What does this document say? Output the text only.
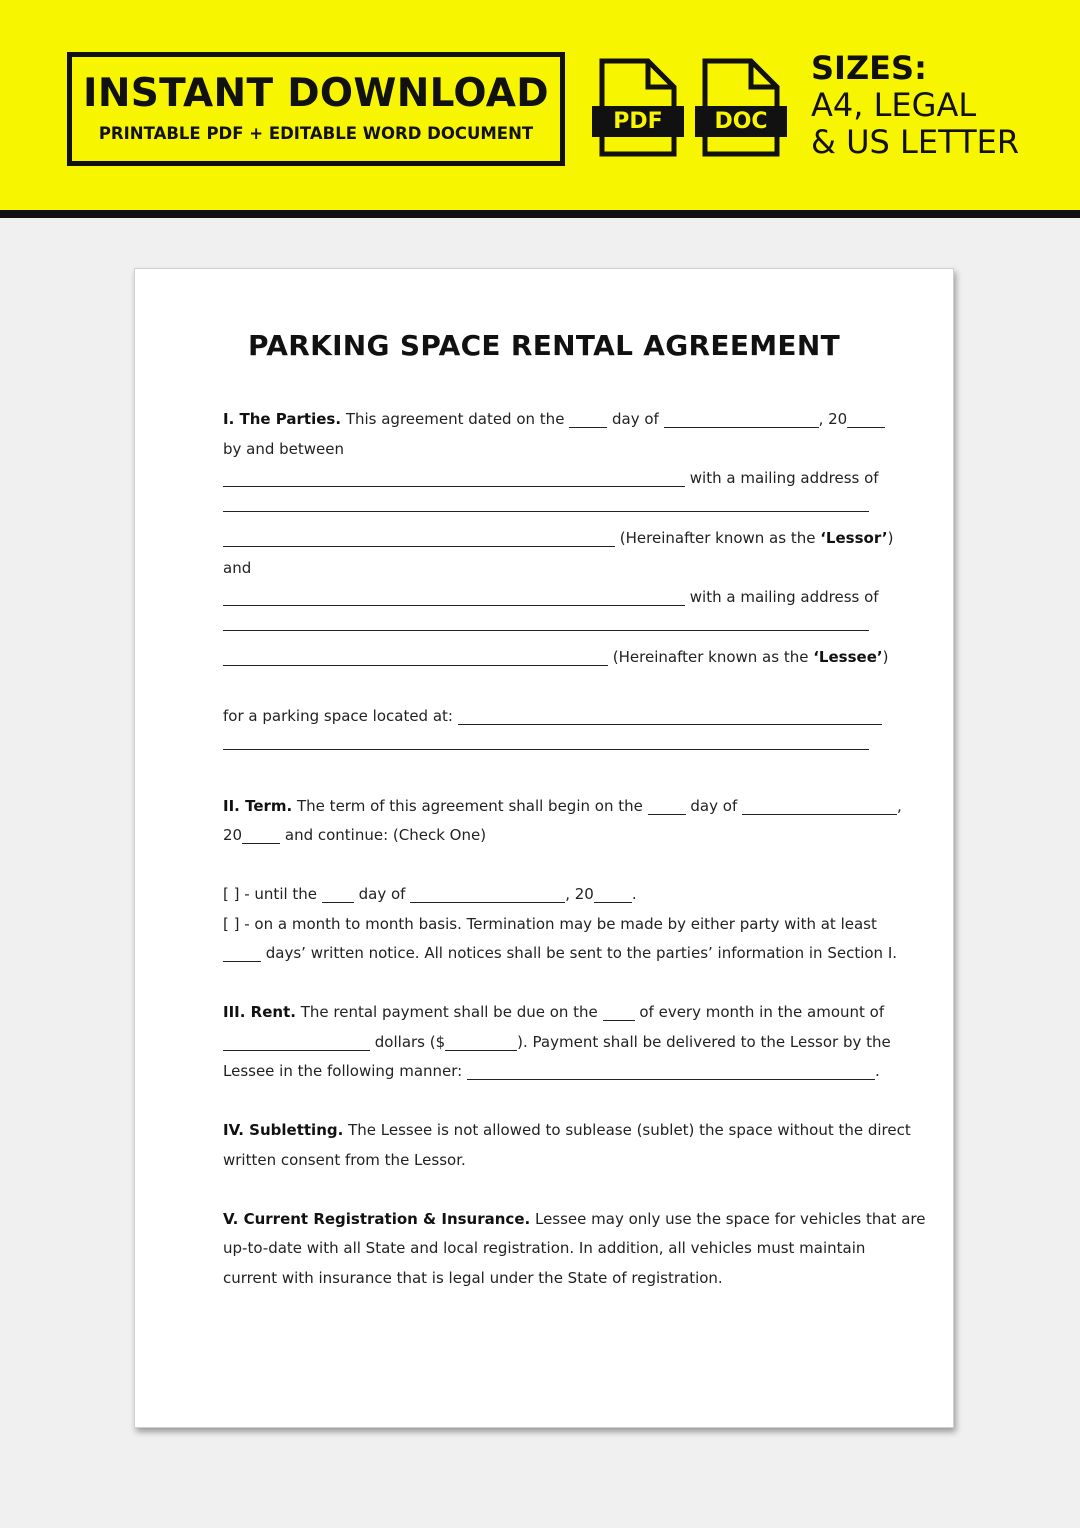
INSTANT DOWNLOAD
PRINTABLE PDF + EDITABLE WORD DOCUMENT	PDF	DOC
SIZES:
A4, LEGAL
& US LETTER
PARKING SPACE RENTAL AGREEMENT
I. The Parties. This agreement dated on the	day of	, 20
by and between
with a mailing address of
(Hereinafter known as the ‘Lessor’)
and
with a mailing address of
(Hereinafter known as the ‘Lessee’)
for a parking space located at:
II. Term. The term of this agreement shall begin on the	day of	,
20	and continue: (Check One)
[ ] - until the	day of	, 20	.
[ ] - on a month to month basis. Termination may be made by either party with at least
days’ written notice. All notices shall be sent to the parties’ information in Section I.
III. Rent. The rental payment shall be due on the	of every month in the amount of
dollars ($	). Payment shall be delivered to the Lessor by the
Lessee in the following manner:	.
IV. Subletting. The Lessee is not allowed to sublease (sublet) the space without the direct
written consent from the Lessor.
V. Current Registration & Insurance. Lessee may only use the space for vehicles that are
up-to-date with all State and local registration. In addition, all vehicles must maintain
current with insurance that is legal under the State of registration.
